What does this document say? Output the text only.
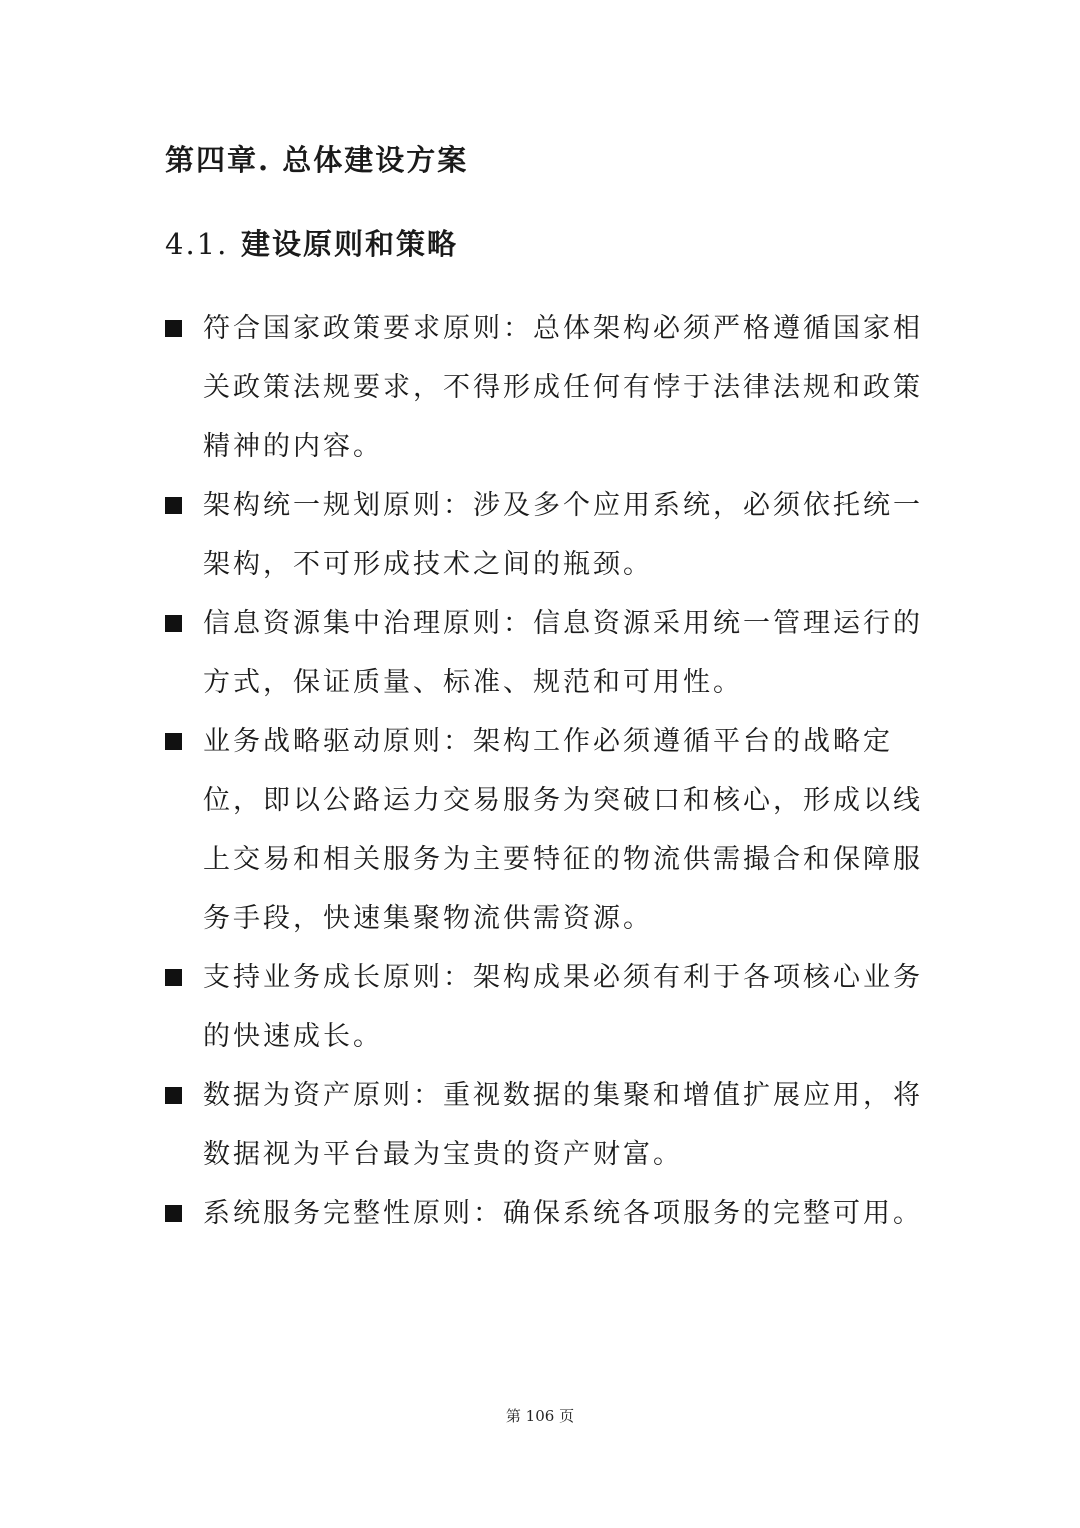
第四章. 总体建设方案
4.1. 建设原则和策略
符合国家政策要求原则：总体架构必须严格遵循国家相关政策法规要求，不得形成任何有悖于法律法规和政策精神的内容。
架构统一规划原则：涉及多个应用系统，必须依托统一架构，不可形成技术之间的瓶颈。
信息资源集中治理原则：信息资源采用统一管理运行的方式，保证质量、标准、规范和可用性。
业务战略驱动原则：架构工作必须遵循平台的战略定位，即以公路运力交易服务为突破口和核心，形成以线上交易和相关服务为主要特征的物流供需撮合和保障服务手段，快速集聚物流供需资源。
支持业务成长原则：架构成果必须有利于各项核心业务的快速成长。
数据为资产原则：重视数据的集聚和增值扩展应用，将数据视为平台最为宝贵的资产财富。
系统服务完整性原则：确保系统各项服务的完整可用。
第 106 页
